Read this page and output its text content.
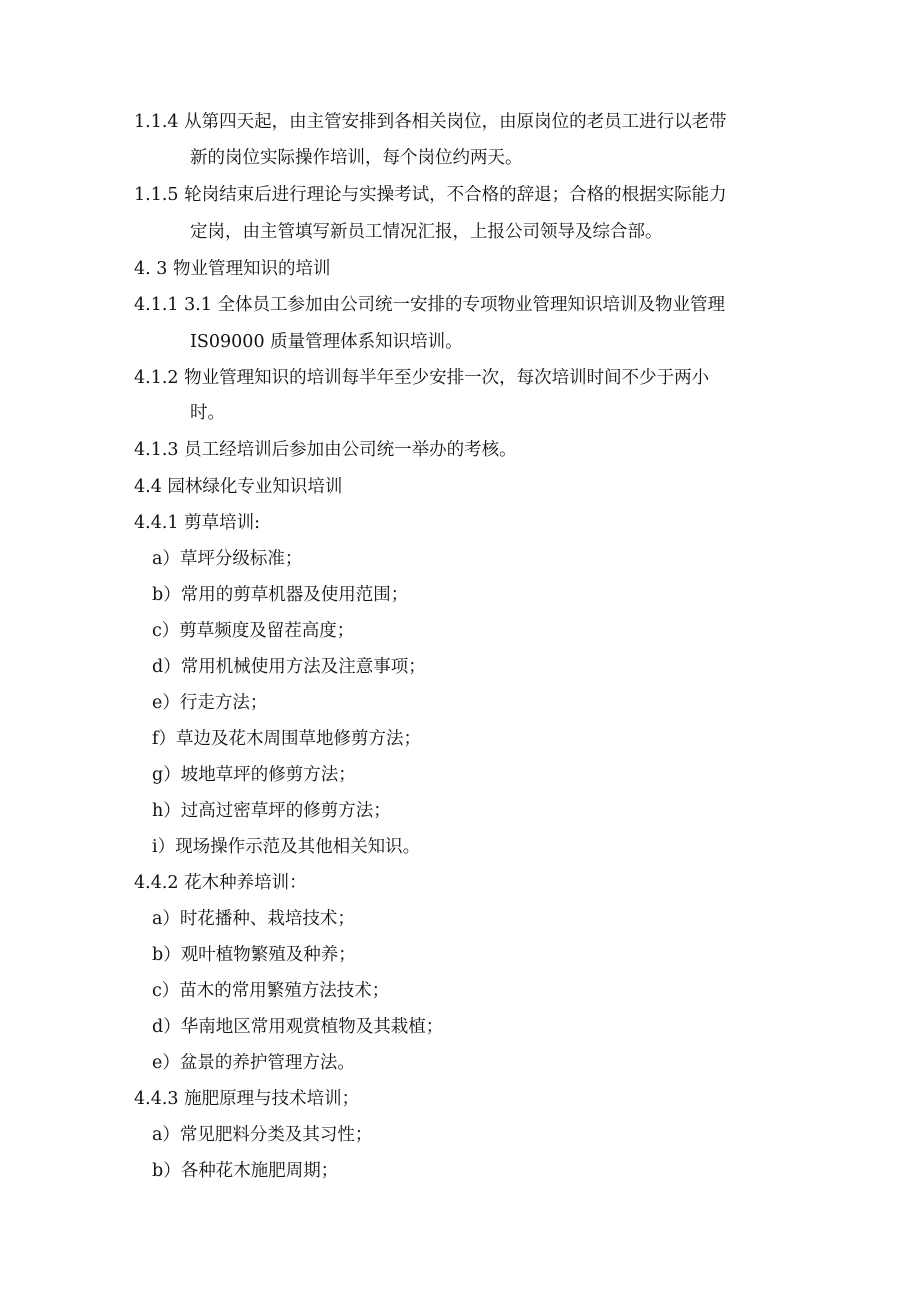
1.1.4 从第四天起，由主管安排到各相关岗位，由原岗位的老员工进行以老带
新的岗位实际操作培训，每个岗位约两天。
1.1.5 轮岗结束后进行理论与实操考试，不合格的辞退；合格的根据实际能力
定岗，由主管填写新员工情况汇报，上报公司领导及综合部。
4. 3 物业管理知识的培训
4.1.1 3.1 全体员工参加由公司统一安排的专项物业管理知识培训及物业管理
IS09000 质量管理体系知识培训。
4.1.2 物业管理知识的培训每半年至少安排一次，每次培训时间不少于两小
时。
4.1.3 员工经培训后参加由公司统一举办的考核。
4.4 园林绿化专业知识培训
4.4.1 剪草培训:
a）草坪分级标准；
b）常用的剪草机器及使用范围；
c）剪草频度及留茬高度；
d）常用机械使用方法及注意事项；
e）行走方法；
f）草边及花木周围草地修剪方法；
g）坡地草坪的修剪方法；
h）过高过密草坪的修剪方法；
i）现场操作示范及其他相关知识。
4.4.2 花木种养培训：
a）时花播种、栽培技术；
b）观叶植物繁殖及种养；
c）苗木的常用繁殖方法技术；
d）华南地区常用观赏植物及其栽植；
e）盆景的养护管理方法。
4.4.3 施肥原理与技术培训；
a）常见肥料分类及其习性；
b）各种花木施肥周期；
